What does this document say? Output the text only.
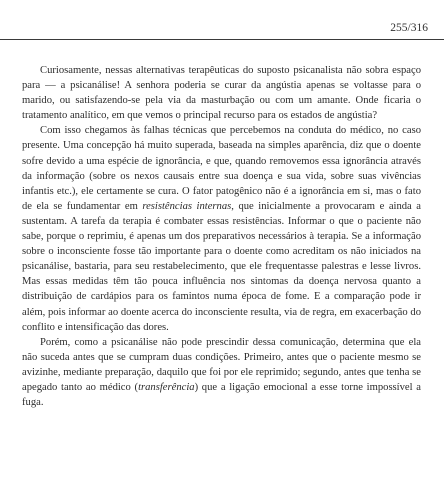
255/316

Curiosamente, nessas alternativas terapêuticas do suposto psicanalista não sobra espaço para — a psicanálise! A senhora poderia se curar da angústia apenas se voltasse para o marido, ou satisfazendo-se pela via da masturbação ou com um amante. Onde ficaria o tratamento analítico, em que vemos o principal recurso para os estados de angústia?

Com isso chegamos às falhas técnicas que percebemos na conduta do médico, no caso presente. Uma concepção há muito superada, baseada na simples aparência, diz que o doente sofre devido a uma espécie de ignorância, e que, quando removemos essa ignorância através da informação (sobre os nexos causais entre sua doença e sua vida, sobre suas vivências infantis etc.), ele certamente se cura. O fator patogênico não é a ignorância em si, mas o fato de ela se fundamentar em resistências internas, que inicialmente a provocaram e ainda a sustentam. A tarefa da terapia é combater essas resistências. Informar o que o paciente não sabe, porque o reprimiu, é apenas um dos preparativos necessários à terapia. Se a informação sobre o inconsciente fosse tão importante para o doente como acreditam os não iniciados na psicanálise, bastaria, para seu restabelecimento, que ele frequentasse palestras e lesse livros. Mas essas medidas têm tão pouca influência nos sintomas da doença nervosa quanto a distribuição de cardápios para os famintos numa época de fome. E a comparação pode ir além, pois informar ao doente acerca do inconsciente resulta, via de regra, em exacerbação do conflito e intensificação das dores.

Porém, como a psicanálise não pode prescindir dessa comunicação, determina que ela não suceda antes que se cumpram duas condições. Primeiro, antes que o paciente mesmo se avizinhe, mediante preparação, daquilo que foi por ele reprimido; segundo, antes que tenha se apegado tanto ao médico (transferência) que a ligação emocional a esse torne impossível a fuga.
